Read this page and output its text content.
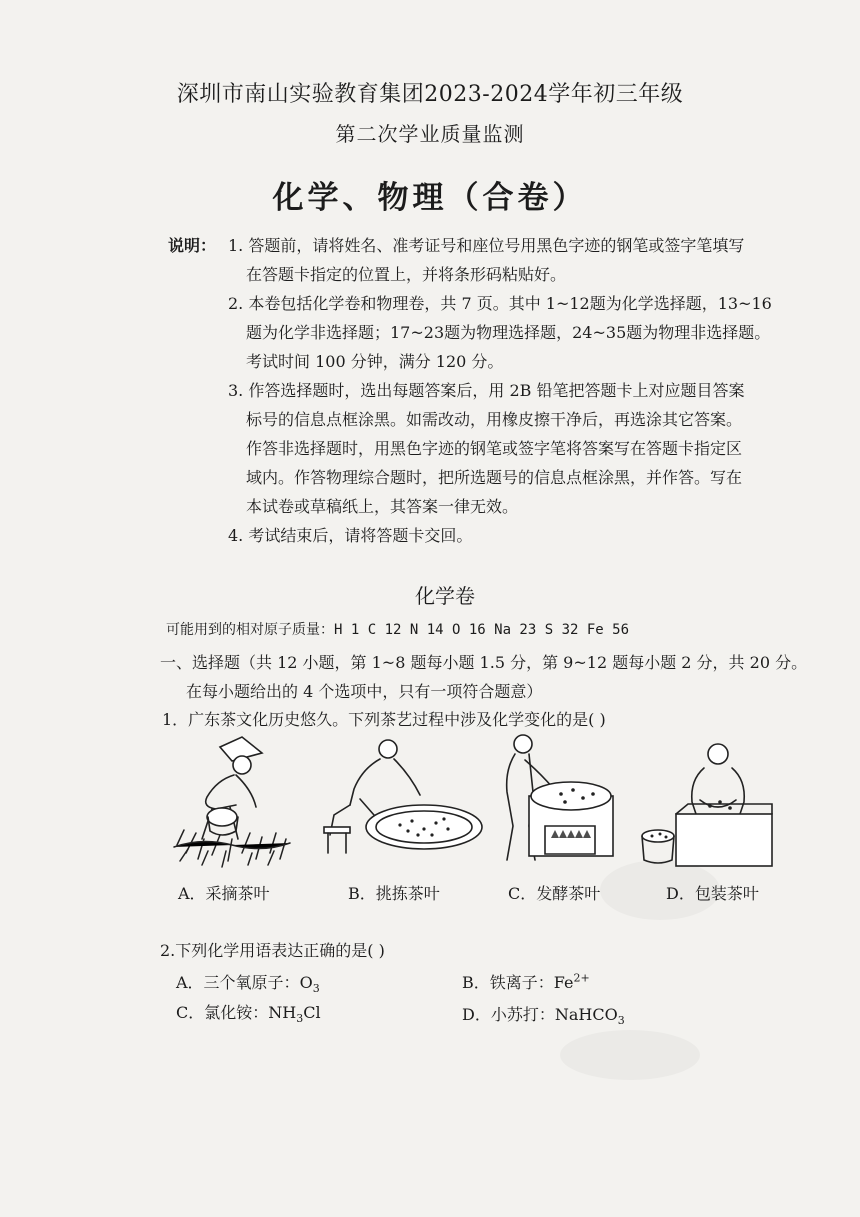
深圳市南山实验教育集团2023-2024学年初三年级
第二次学业质量监测
化学、物理（合卷）
说明： 1. 答题前，请将姓名、准考证号和座位号用黑色字迹的钢笔或签字笔填写
在答题卡指定的位置上，并将条形码粘贴好。
2. 本卷包括化学卷和物理卷，共 7 页。其中 1~12题为化学选择题，13~16
题为化学非选择题；17~23题为物理选择题，24~35题为物理非选择题。
考试时间 100 分钟，满分 120 分。
3. 作答选择题时，选出每题答案后，用 2B 铅笔把答题卡上对应题目答案
标号的信息点框涂黑。如需改动，用橡皮擦干净后，再选涂其它答案。
作答非选择题时，用黑色字迹的钢笔或签字笔将答案写在答题卡指定区
域内。作答物理综合题时，把所选题号的信息点框涂黑，并作答。写在
本试卷或草稿纸上，其答案一律无效。
4. 考试结束后，请将答题卡交回。
化学卷
可能用到的相对原子质量：H 1 C 12 N 14 O 16 Na 23 S 32 Fe 56
一、选择题（共 12 小题，第 1~8 题每小题 1.5 分，第 9~12 题每小题 2 分，共 20 分。
在每小题给出的 4 个选项中，只有一项符合题意）
1．广东茶文化历史悠久。下列茶艺过程中涉及化学变化的是( )
A．采摘茶叶	B．挑拣茶叶	C．发酵茶叶	D．包装茶叶
2.下列化学用语表达正确的是( )
A．三个氧原子：$O_3$	B．铁离子：$Fe^{2+}$
C．氯化铵：$NH_3Cl$	D．小苏打：NaHCO$_3$
